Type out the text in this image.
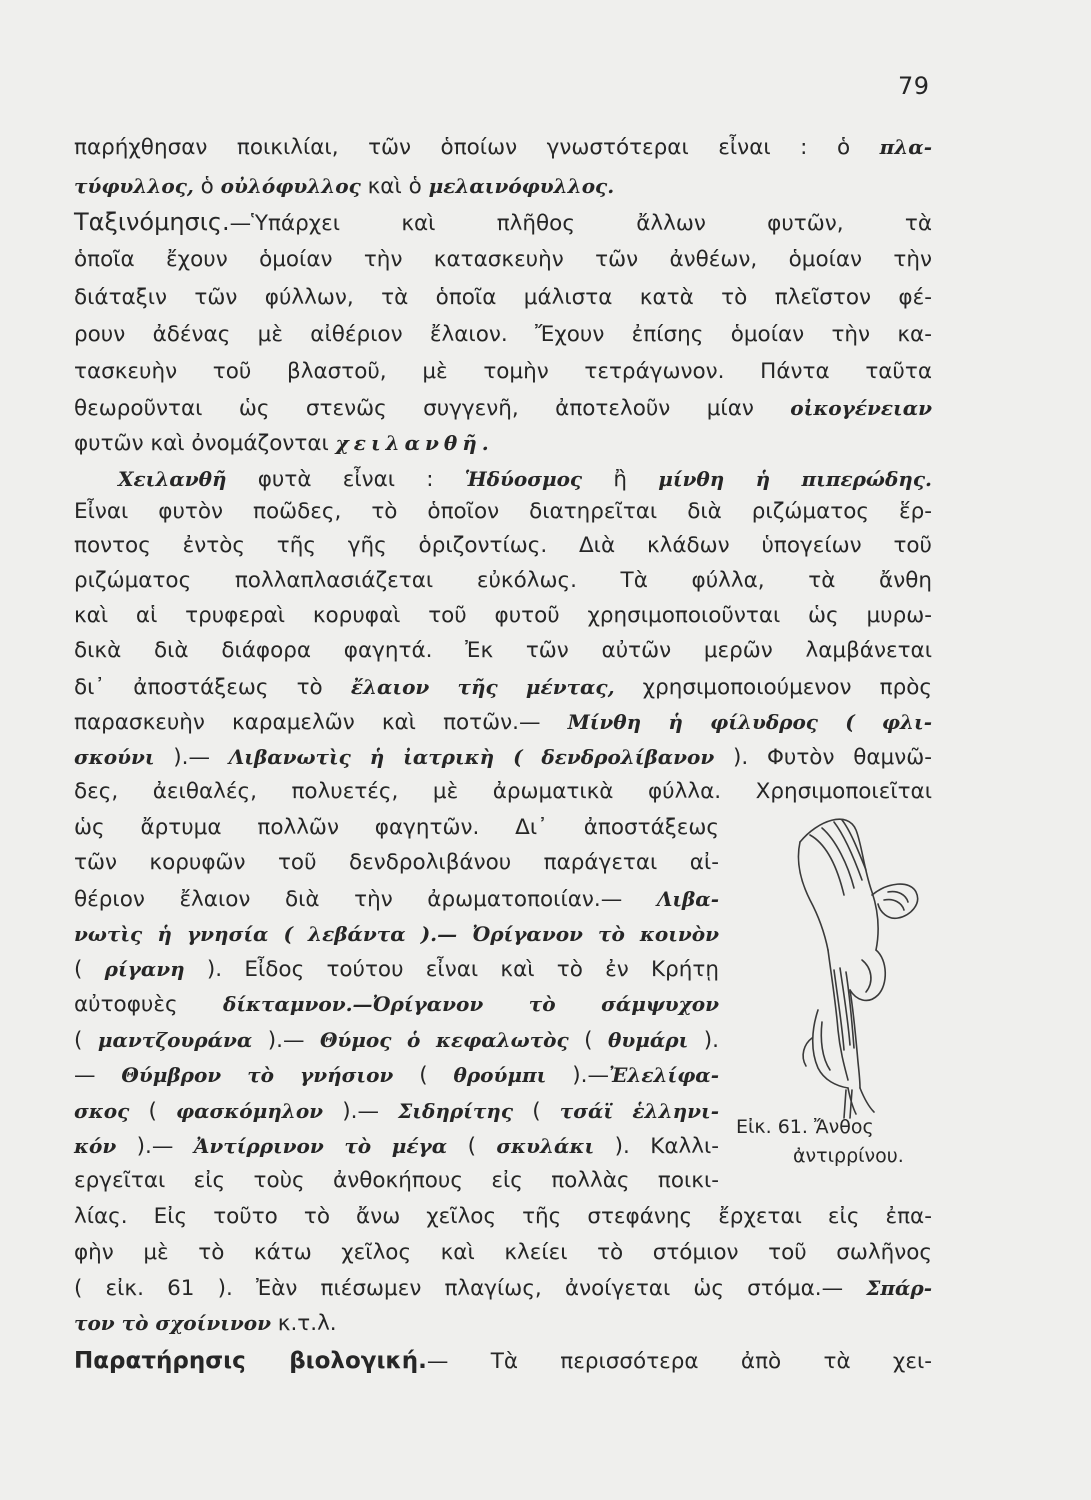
79
παρήχθησαν ποικιλίαι, τῶν ὁποίων γνωστότεραι εἶναι : ὁ πλα-
τύφυλλος, ὁ οὐλόφυλλος καὶ ὁ μελαινόφυλλος.
Ταξινόμησις.—Ὑπάρχει καὶ πλῆθος ἄλλων φυτῶν, τὰ
ὁποῖα ἔχουν ὁμοίαν τὴν κατασκευὴν τῶν ἀνθέων, ὁμοίαν τὴν
διάταξιν τῶν φύλλων, τὰ ὁποῖα μάλιστα κατὰ τὸ πλεῖστον φέ-
ρουν ἀδένας μὲ αἰθέριον ἔλαιον. Ἔχουν ἐπίσης ὁμοίαν τὴν κα-
τασκευὴν τοῦ βλαστοῦ, μὲ τομὴν τετράγωνον. Πάντα ταῦτα
θεωροῦνται ὡς στενῶς συγγενῆ, ἀποτελοῦν μίαν οἰκογένειαν
φυτῶν καὶ ὀνομάζονται χειλανθῆ.
Χειλανθῆ φυτὰ εἶναι : Ἡδύοσμος ἢ μίνθη ἡ πιπερώδης.
Εἶναι φυτὸν ποῶδες, τὸ ὁποῖον διατηρεῖται διὰ ριζώματος ἕρ-
ποντος ἐντὸς τῆς γῆς ὁριζοντίως. Διὰ κλάδων ὑπογείων τοῦ
ριζώματος πολλαπλασιάζεται εὐκόλως. Τὰ φύλλα, τὰ ἄνθη
καὶ αἱ τρυφεραὶ κορυφαὶ τοῦ φυτοῦ χρησιμοποιοῦνται ὡς μυρω-
δικὰ διὰ διάφορα φαγητά. Ἐκ τῶν αὐτῶν μερῶν λαμβάνεται
δι᾽ ἀποστάξεως τὸ ἔλαιον τῆς μέντας, χρησιμοποιούμενον πρὸς
παρασκευὴν καραμελῶν καὶ ποτῶν.— Μίνθη ἡ φίλυδρος ( φλι-
σκούνι ).— Λιβανωτὶς ἡ ἰατρικὴ ( δενδρολίβανον ). Φυτὸν θαμνῶ-
δες, ἀειθαλές, πολυετές, μὲ ἀρωματικὰ φύλλα. Χρησιμοποιεῖται
ὡς ἄρτυμα πολλῶν φαγητῶν. Δι᾽ ἀποστάξεως
τῶν κορυφῶν τοῦ δενδρολιβάνου παράγεται αἰ-
θέριον ἔλαιον διὰ τὴν ἀρωματοποιίαν.— Λιβα-
νωτὶς ἡ γνησία ( λεβάντα ).— Ὀρίγανον τὸ κοινὸν
( ρίγανη ). Εἶδος τούτου εἶναι καὶ τὸ ἐν Κρήτῃ
αὐτοφυὲς δίκταμνον.—Ὀρίγανον τὸ σάμψυχον
( μαντζουράνα ).— Θύμος ὁ κεφαλωτὸς ( θυμάρι ).
— Θύμβρον τὸ γνήσιον ( θρούμπι ).—Ἐλελίφα-
σκος ( φασκόμηλον ).— Σιδηρίτης ( τσάϊ ἑλληνι-
κόν ).— Ἀντίρρινον τὸ μέγα ( σκυλάκι ). Καλλι-
εργεῖται εἰς τοὺς ἀνθοκήπους εἰς πολλὰς ποικι-
λίας. Εἰς τοῦτο τὸ ἄνω χεῖλος τῆς στεφάνης ἔρχεται εἰς ἐπα-
φὴν μὲ τὸ κάτω χεῖλος καὶ κλείει τὸ στόμιον τοῦ σωλῆνος
( εἰκ. 61 ). Ἐὰν πιέσωμεν πλαγίως, ἀνοίγεται ὡς στόμα.— Σπάρ-
τον τὸ σχοίνινον κ.τ.λ.
Παρατήρησις βιολογική.— Τὰ περισσότερα ἀπὸ τὰ χει-
Εἰκ. 61. Ἄνθος
ἀντιρρίνου.
